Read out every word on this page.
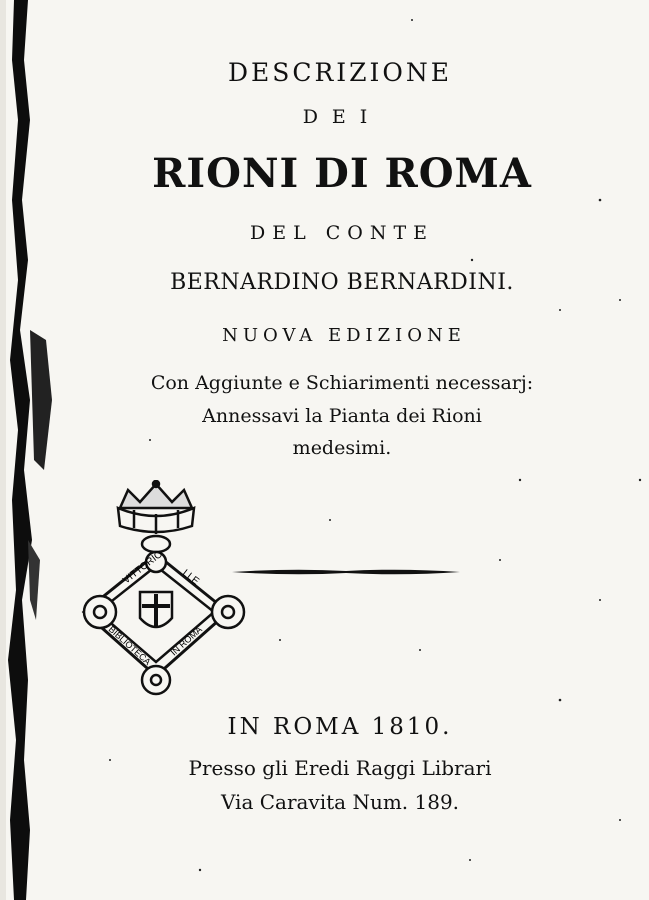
DESCRIZIONE
DEI
RIONI DI ROMA
DEL CONTE
BERNARDINO BERNARDINI.
NUOVA EDIZIONE
Con Aggiunte e Schiarimenti necessarj:
Annessavi la Pianta dei Rioni
medesimi.
VITTORIO LLE
BIBLIOTECA IN ROMA
IN ROMA 1810.
Presso gli Eredi Raggi Librari
Via Caravita Num. 189.
